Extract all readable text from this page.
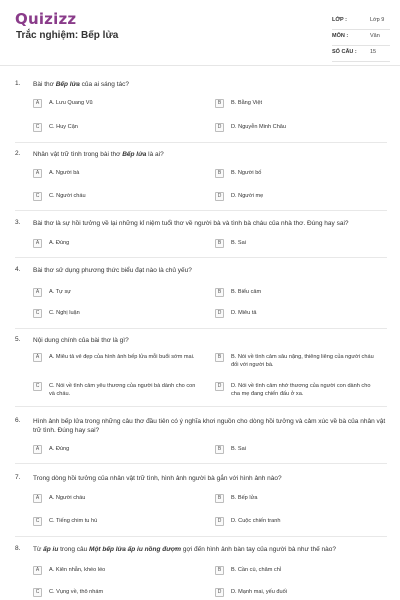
Quizizz
Trắc nghiệm: Bếp lửa
LỚP :	Lớp 9
MÔN :	Văn
SỐ CÂU : 15
1. Bài thơ Bếp lửa của ai sáng tác?
A	A. Lưu Quang Vũ	B	B. Bằng Việt
C	C. Huy Cận	D	D. Nguyễn Minh Châu
2. Nhân vật trữ tình trong bài thơ Bếp lửa là ai?
A	A. Người bà	B	B. Người bố
C	C. Người cháu	D	D. Người mẹ
3. Bài thơ là sự hồi tưởng về lại những kỉ niệm tuổi thơ về người bà và tình bà cháu của nhà thơ. Đúng hay sai?
A	A. Đúng	B	B. Sai
4. Bài thơ sử dụng phương thức biểu đạt nào là chủ yếu?
A	A. Tự sự	B	B. Biểu cảm
C	C. Nghị luận	D	D. Miêu tả
5. Nội dung chính của bài thơ là gì?
A	A. Miêu tả vẻ đẹp của hình ảnh bếp lửa mỗi buổi sớm mai.	B	B. Nói về tình cảm sâu nặng, thiêng liêng của người cháu đối với người bà.
C	C. Nói về tình cảm yêu thương của người bà dành cho con và cháu.
D	D. Nói về tình cảm nhớ thương của người con dành cho cha mẹ đang chiến đấu ở xa.
6. Hình ảnh bếp lửa trong những câu thơ đầu tiên có ý nghĩa khơi nguồn cho dòng hồi tưởng và cảm xúc về bà của nhân vật trữ tình. Đúng hay sai?
A	A. Đúng	B	B. Sai
7. Trong dòng hồi tưởng của nhân vật trữ tình, hình ảnh người bà gắn với hình ảnh nào?
A	A. Người cháu	B	B. Bếp lửa
C	C. Tiếng chim tu hú	D	D. Cuộc chiến tranh
8. Từ ấp iu trong câu Một bếp lửa ấp iu nồng đượm gợi đến hình ảnh bàn tay của người bà như thế nào?
A	A. Kiên nhẫn, khéo léo	B	B. Cần cù, chăm chỉ
C	C. Vụng về, thô nhám	D	D. Mạnh mai, yếu đuối
